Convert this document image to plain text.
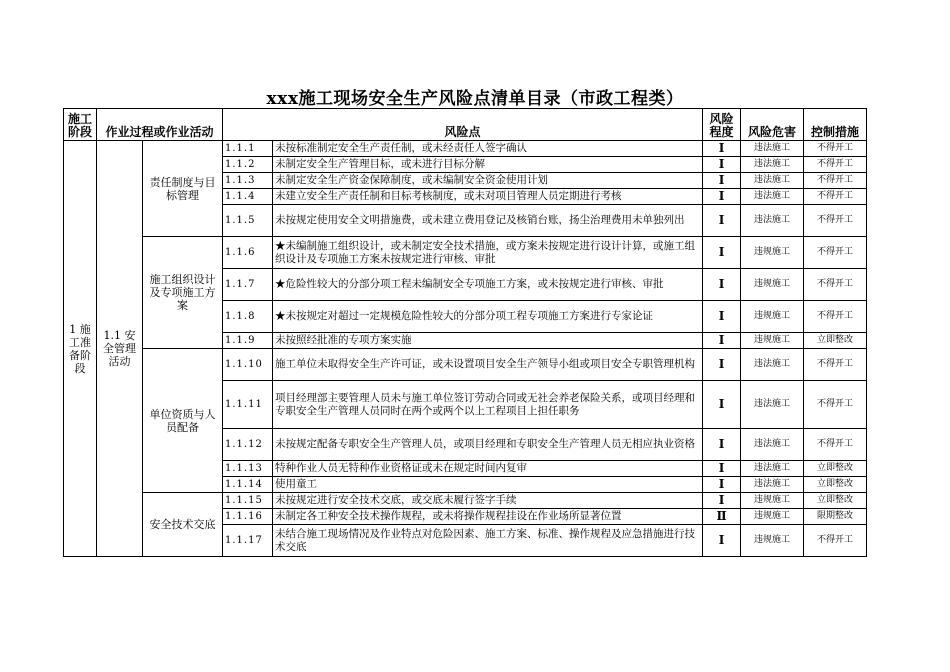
xxx施工现场安全生产风险点清单目录（市政工程类）
施工阶段	作业过程或作业活动		风险点		风险程度	风险危害	控制措施
1 施工准备阶段	1.1 安全管理活动	责任制度与目标管理	1.1.1	未按标准制定安全生产责任制，或未经责任人签字确认	Ⅰ	违法施工	不得开工
			1.1.2	未制定安全生产管理目标，或未进行目标分解	Ⅰ	违法施工	不得开工
			1.1.3	未制定安全生产资金保障制度，或未编制安全资金使用计划	Ⅰ	违法施工	不得开工
			1.1.4	未建立安全生产责任制和目标考核制度，或未对项目管理人员定期进行考核	Ⅰ	违法施工	不得开工
			1.1.5	未按规定使用安全文明措施费，或未建立费用登记及核销台账，扬尘治理费用未单独列出	Ⅰ	违法施工	不得开工
		施工组织设计及专项施工方案	1.1.6	★未编制施工组织设计，或未制定安全技术措施，或方案未按规定进行设计计算，或施工组织设计及专项施工方案未按规定进行审核、审批	Ⅰ	违规施工	不得开工
			1.1.7	★危险性较大的分部分项工程未编制安全专项施工方案，或未按规定进行审核、审批	Ⅰ	违规施工	不得开工
			1.1.8	★未按规定对超过一定规模危险性较大的分部分项工程专项施工方案进行专家论证	Ⅰ	违规施工	不得开工
			1.1.9	未按照经批准的专项方案实施	Ⅰ	违规施工	立即整改
		单位资质与人员配备	1.1.10	施工单位未取得安全生产许可证，或未设置项目安全生产领导小组或项目安全专职管理机构	Ⅰ	违法施工	不得开工
			1.1.11	项目经理部主要管理人员未与施工单位签订劳动合同或无社会养老保险关系，或项目经理和专职安全生产管理人员同时在两个或两个以上工程项目上担任职务	Ⅰ	违法施工	不得开工
			1.1.12	未按规定配备专职安全生产管理人员，或项目经理和专职安全生产管理人员无相应执业资格	Ⅰ	违法施工	不得开工
			1.1.13	特种作业人员无特种作业资格证或未在规定时间内复审	Ⅰ	违法施工	立即整改
			1.1.14	使用童工	Ⅰ	违法施工	立即整改
		安全技术交底	1.1.15	未按规定进行安全技术交底，或交底未履行签字手续	Ⅰ	违规施工	立即整改
			1.1.16	未制定各工种安全技术操作规程，或未将操作规程挂设在作业场所显著位置	Ⅱ	违规施工	限期整改
			1.1.17	未结合施工现场情况及作业特点对危险因素、施工方案、标准、操作规程及应急措施进行技术交底	Ⅰ	违规施工	不得开工
